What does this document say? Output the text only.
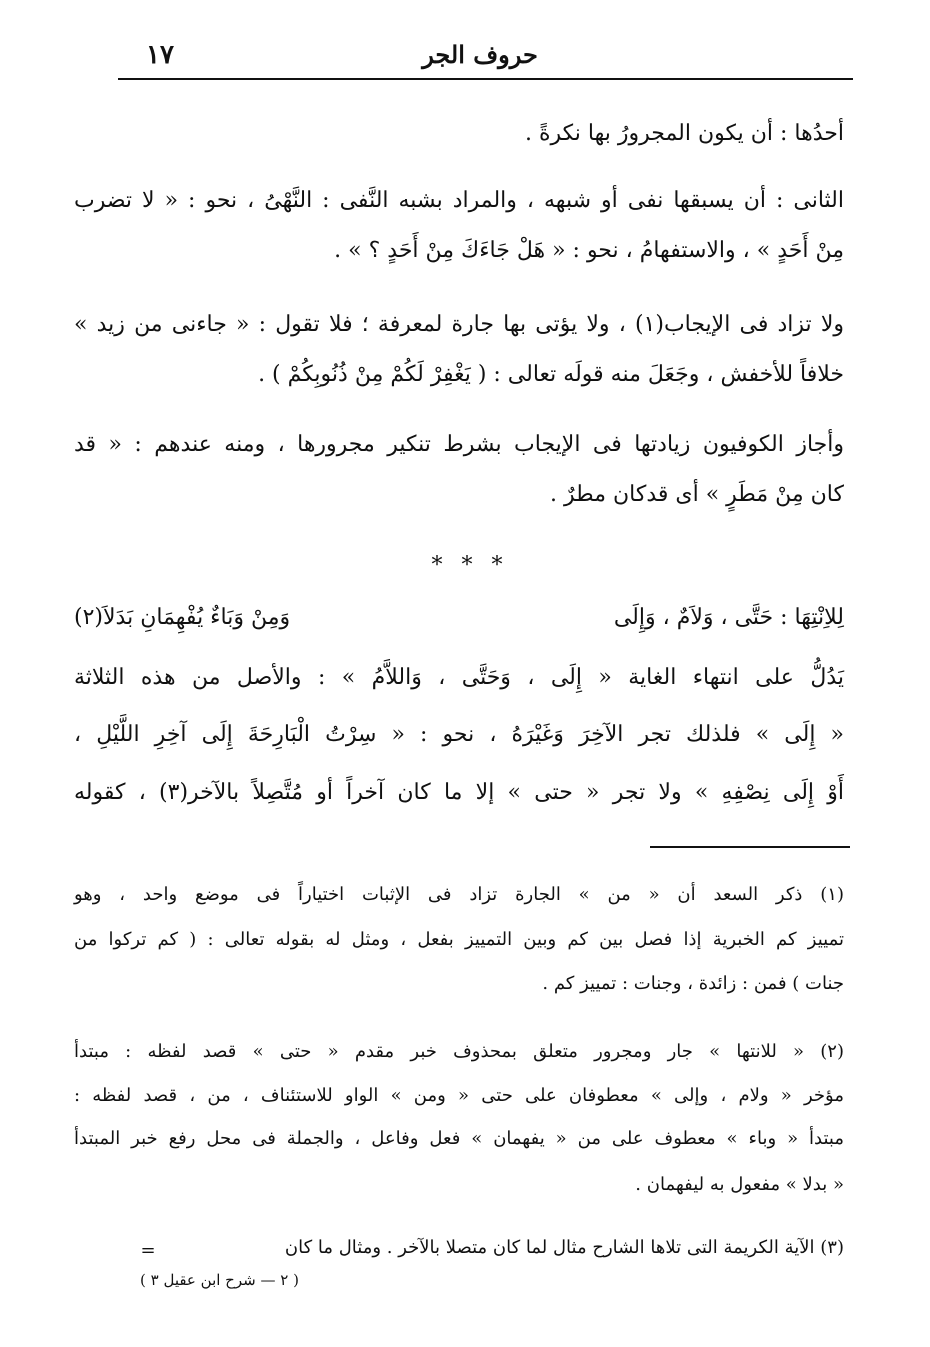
حروف الجر
١٧
أحدُها : أن يكون المجرورُ بها نكرةً .
الثانى : أن يسبقها نفى أو شبهه ، والمراد بشبه النَّفى : النَّهْىُ ، نحو : « لا تضرب
مِنْ أَحَدٍ » ، والاستفهامُ ، نحو : « هَلْ جَاءَكَ مِنْ أَحَدٍ ؟ » .
ولا تزاد فى الإيجاب(١) ، ولا يؤتى بها جارة لمعرفة ؛ فلا تقول : « جاءنى من زيد »
خلافاً للأخفش ، وجَعَلَ منه قولَه تعالى : ( يَغْفِرْ لَكُمْ مِنْ ذُنُوبِكُمْ ) .
وأجاز الكوفيون زيادتها فى الإيجاب بشرط تنكير مجرورها ، ومنه عندهم : « قد
كان مِنْ مَطَرٍ » أى قدكان مطرٌ .
* * *
لِلاِنْتِهَا : حَتَّى ، وَلاَمٌ ، وَإِلَى
وَمِنْ وَبَاءٌ يُفْهِمَانِ بَدَلاَ(٢)
يَدُلُّ على انتهاء الغاية « إِلَى ، وَحَتَّى ، وَاللاَّمُ » : والأصل من هذه الثلاثة
« إِلَى » فلذلك تجر الآخِرَ وَغَيْرَهُ ، نحو : « سِرْتُ الْبَارِحَةَ إِلَى آخِرِ اللَّيْلِ ،
أَوْ إِلَى نِصْفِهِ » ولا تجر « حتى » إلا ما كان آخراً أو مُتَّصِلاً بالآخر(٣) ، كقوله
(١) ذكر السعد أن « من » الجارة تزاد فى الإثبات اختياراً فى موضع واحد ، وهو
تمييز كم الخبرية إذا فصل بين كم وبين التمييز بفعل ، ومثل له بقوله تعالى : ( كم تركوا من
جنات ) فمن : زائدة ، وجنات : تمييز كم .
(٢) « للانتها » جار ومجرور متعلق بمحذوف خبر مقدم « حتى » قصد لفظه : مبتدأ
مؤخر « ولام ، وإلى » معطوفان على حتى « ومن » الواو للاستئناف ، من ، قصد لفظه :
مبتدأ « وباء » معطوف على من « يفهمان » فعل وفاعل ، والجملة فى محل رفع خبر المبتدأ
« بدلا » مفعول به ليفهمان .
(٣) الآية الكريمة التى تلاها الشارح مثال لما كان متصلا بالآخر . ومثال ما كان
=
( ٢ — شرح ابن عقيل ٣ )
